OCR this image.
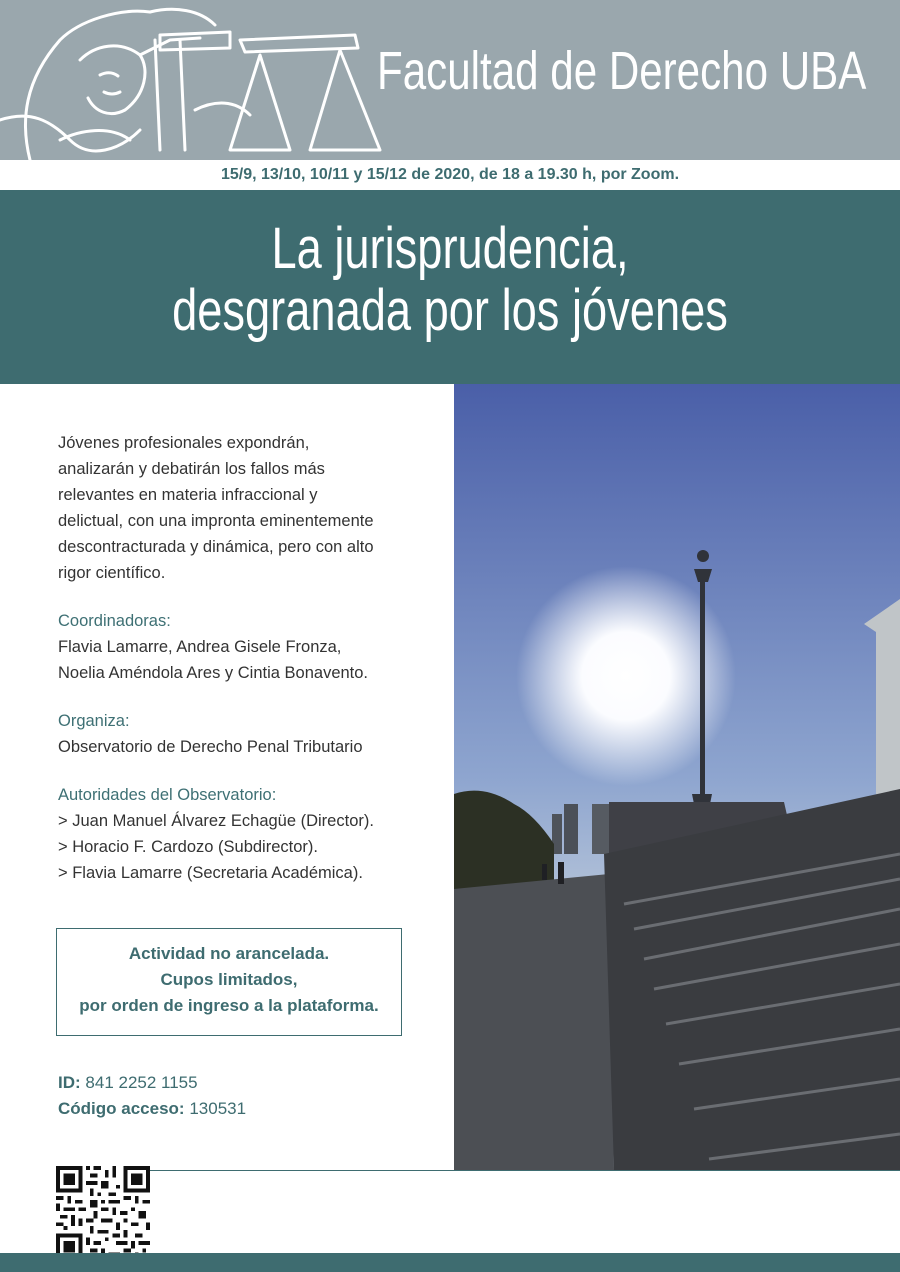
Facultad de Derecho UBA
15/9, 13/10, 10/11 y 15/12 de 2020, de 18 a 19.30 h, por Zoom.
La jurisprudencia,
desgranada por los jóvenes

Jóvenes profesionales expondrán,

analizarán y debatirán los fallos más

relevantes en materia infraccional y

delictual, con una impronta eminentemente

descontracturada y dinámica, pero con alto

rigor científico.

Coordinadoras:

Flavia Lamarre, Andrea Gisele Fronza,

Noelia Améndola Ares y Cintia Bonavento.

Organiza:

Observatorio de Derecho Penal Tributario

Autoridades del Observatorio:

> Juan Manuel Álvarez Echagüe (Director).

> Horacio F. Cardozo (Subdirector).

> Flavia Lamarre (Secretaria Académica).

Actividad no arancelada.
Cupos limitados,
por orden de ingreso a la plataforma.
ID: 841 2252 1155
Código acceso: 130531
